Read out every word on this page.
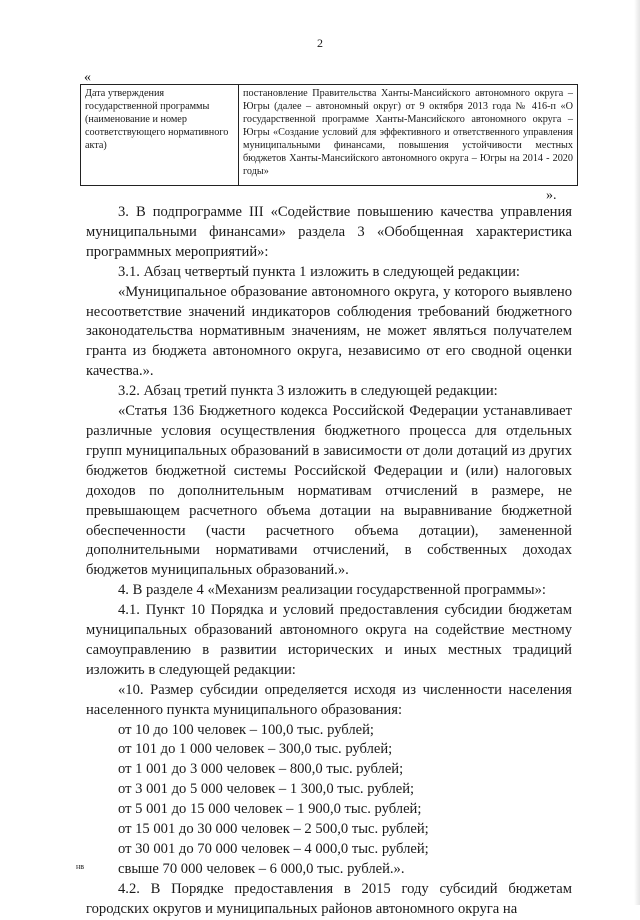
2
«
Дата утверждения государственной программы (наименование и номер соответствующего нормативного акта)
постановление Правительства Ханты-Мансийского автономного округа – Югры (далее – автономный округ) от 9 октября 2013 года № 416-п «О государственной программе Ханты-Мансийского автономного округа – Югры «Создание условий для эффективного и ответственного управления муниципальными финансами, повышения устойчивости местных бюджетов Ханты-Мансийского автономного округа – Югры на 2014 - 2020 годы»
».

3. В подпрограмме III «Содействие повышению качества управления муниципальными финансами» раздела 3 «Обобщенная характеристика программных мероприятий»:

3.1. Абзац четвертый пункта 1 изложить в следующей редакции:

«Муниципальное образование автономного округа, у которого выявлено несоответствие значений индикаторов соблюдения требований бюджетного законодательства нормативным значениям, не может являться получателем гранта из бюджета автономного округа, независимо от его сводной оценки качества.».

3.2. Абзац третий пункта 3 изложить в следующей редакции:

«Статья 136 Бюджетного кодекса Российской Федерации устанавливает различные условия осуществления бюджетного процесса для отдельных групп муниципальных образований в зависимости от доли дотаций из других бюджетов бюджетной системы Российской Федерации и (или) налоговых доходов по дополнительным нормативам отчислений в размере, не превышающем расчетного объема дотации на выравнивание бюджетной обеспеченности (части расчетного объема дотации), замененной дополнительными нормативами отчислений, в собственных доходах бюджетов муниципальных образований.».

4. В разделе 4 «Механизм реализации государственной программы»:

4.1. Пункт 10 Порядка и условий предоставления субсидии бюджетам муниципальных образований автономного округа на содействие местному самоуправлению в развитии исторических и иных местных традиций изложить в следующей редакции:

«10. Размер субсидии определяется исходя из численности населения населенного пункта муниципального образования:

от 10 до 100 человек – 100,0 тыс. рублей;

от 101 до 1 000 человек – 300,0 тыс. рублей;

от 1 001 до 3 000 человек – 800,0 тыс. рублей;

от 3 001 до 5 000 человек – 1 300,0 тыс. рублей;

от 5 001 до 15 000 человек – 1 900,0 тыс. рублей;

от 15 001 до 30 000 человек – 2 500,0 тыс. рублей;

от 30 001 до 70 000 человек – 4 000,0 тыс. рублей;

свыше 70 000 человек – 6 000,0 тыс. рублей.».

4.2. В Порядке предоставления в 2015 году субсидий бюджетам городских округов и муниципальных районов автономного округа на

нв
